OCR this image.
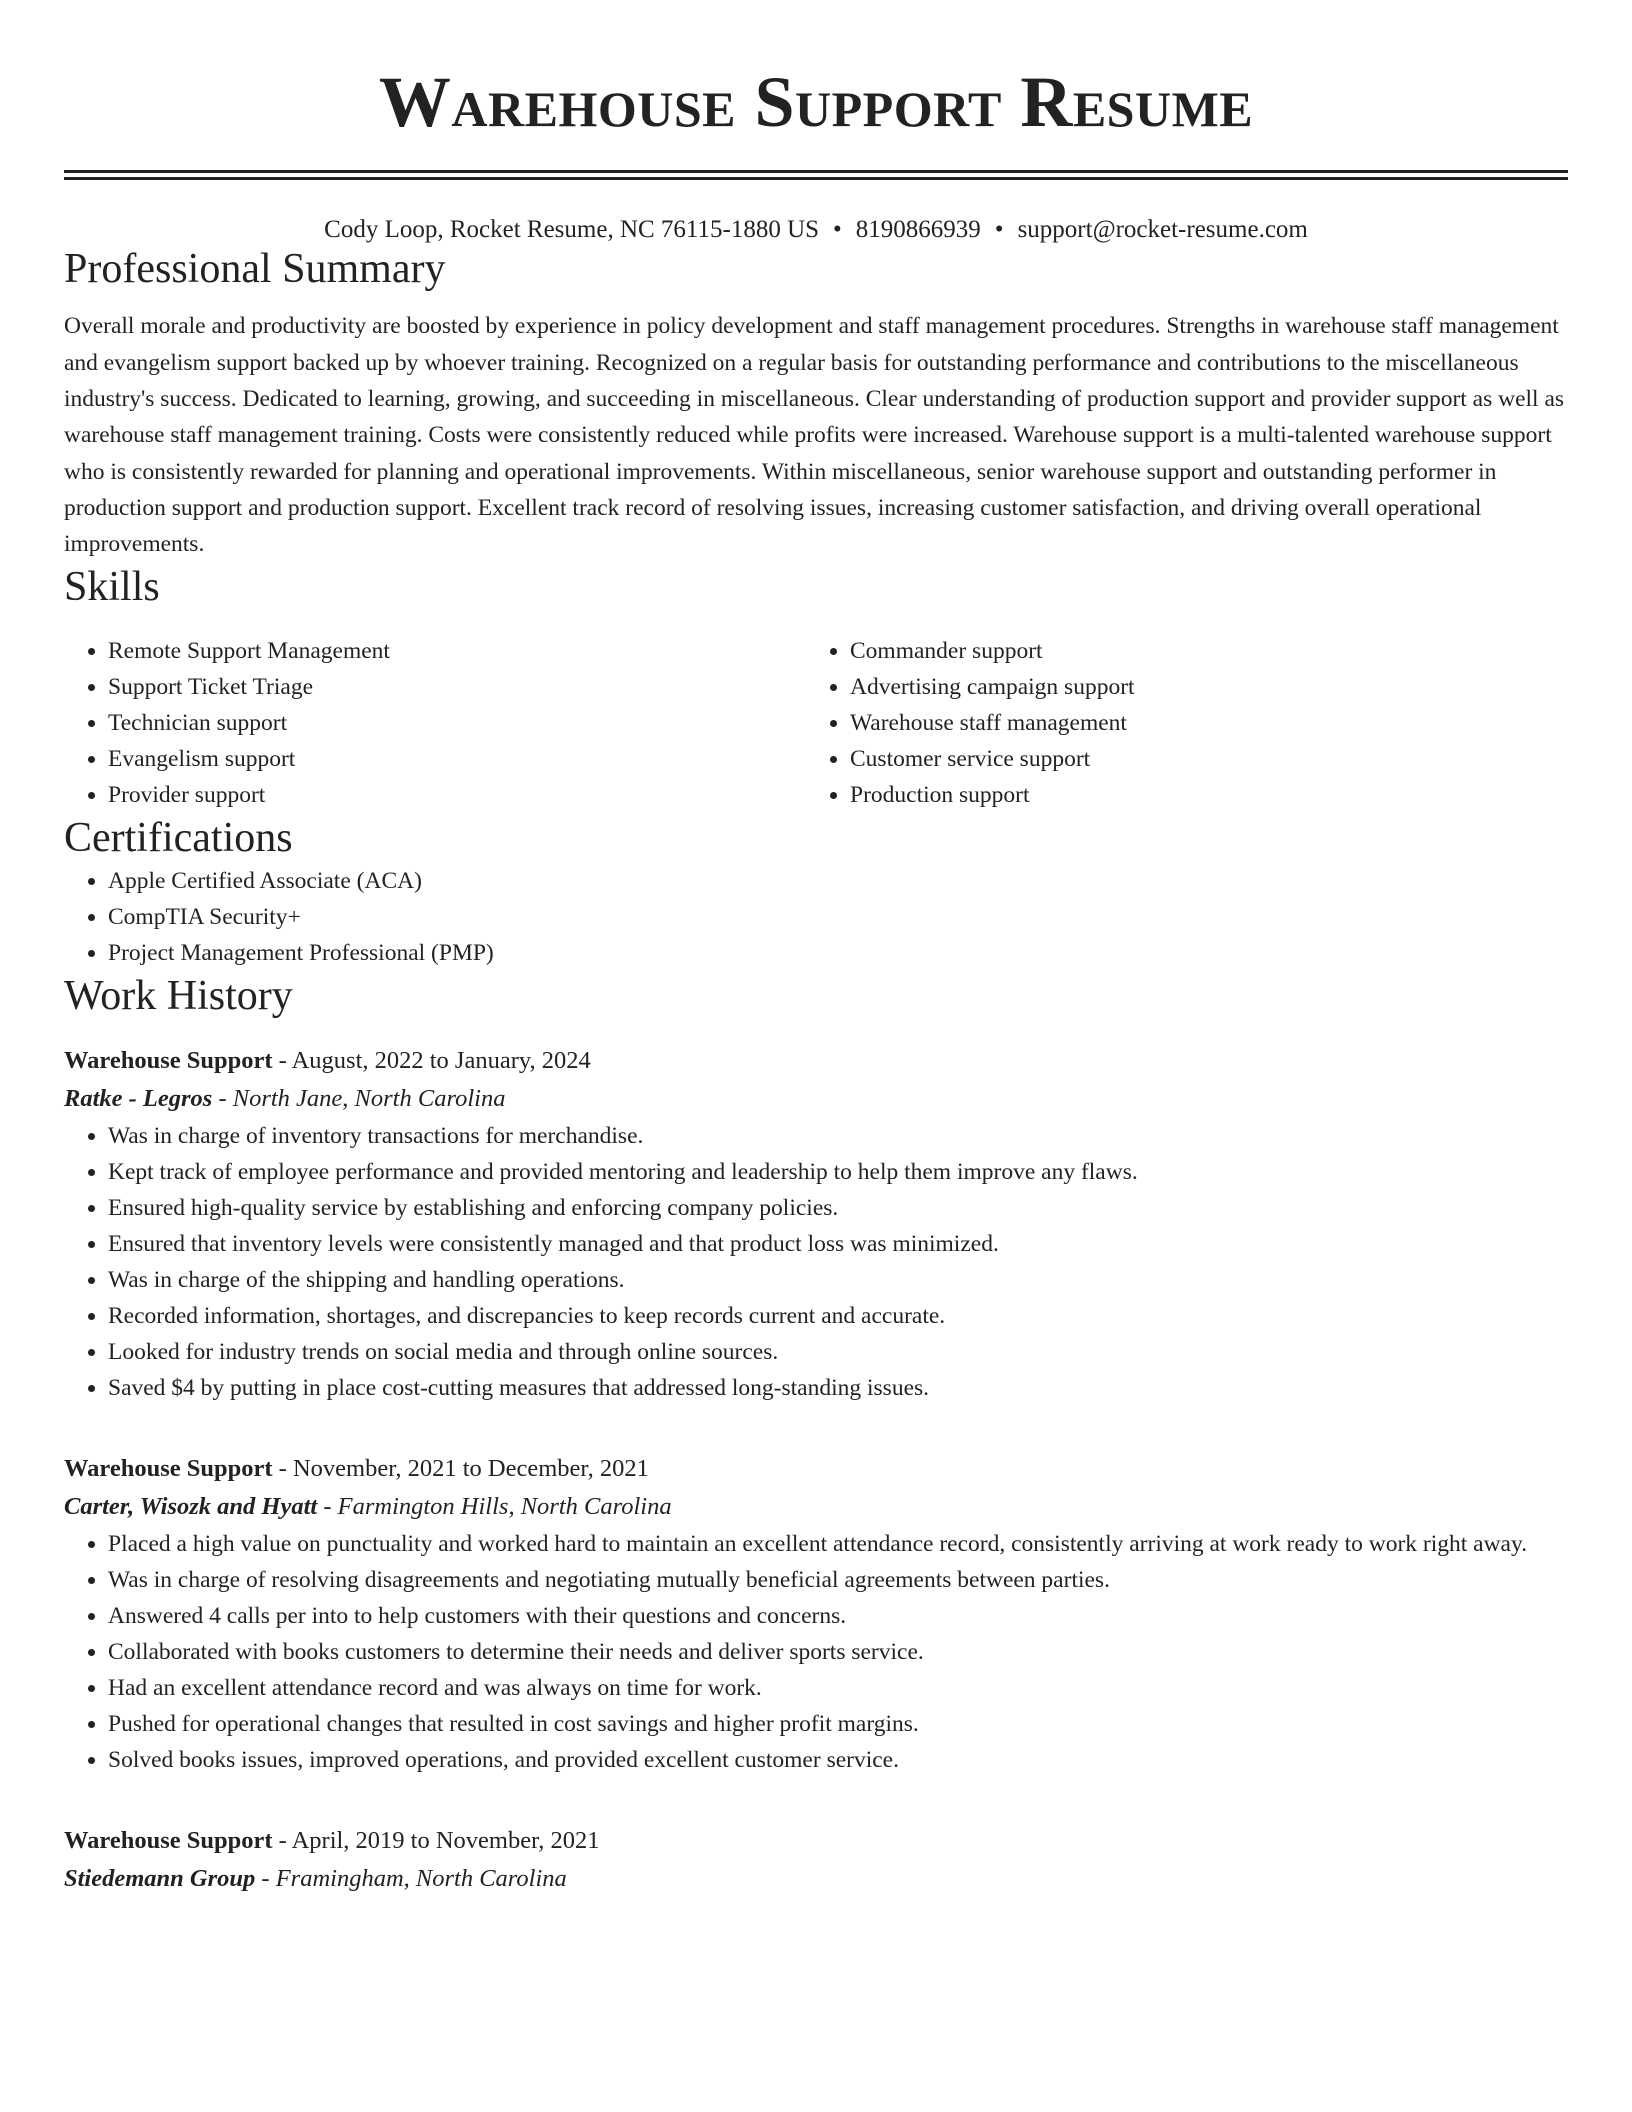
Warehouse Support Resume
Cody Loop, Rocket Resume, NC 76115-1880 US • 8190866939 • support@rocket-resume.com
Professional Summary
Overall morale and productivity are boosted by experience in policy development and staff management procedures. Strengths in warehouse staff management and evangelism support backed up by whoever training. Recognized on a regular basis for outstanding performance and contributions to the miscellaneous industry's success. Dedicated to learning, growing, and succeeding in miscellaneous. Clear understanding of production support and provider support as well as warehouse staff management training. Costs were consistently reduced while profits were increased. Warehouse support is a multi-talented warehouse support who is consistently rewarded for planning and operational improvements. Within miscellaneous, senior warehouse support and outstanding performer in production support and production support. Excellent track record of resolving issues, increasing customer satisfaction, and driving overall operational improvements.
Skills
• Remote Support Management
• Support Ticket Triage
• Technician support
• Evangelism support
• Provider support
• Commander support
• Advertising campaign support
• Warehouse staff management
• Customer service support
• Production support
Certifications
• Apple Certified Associate (ACA)
• CompTIA Security+
• Project Management Professional (PMP)
Work History
Warehouse Support - August, 2022 to January, 2024
Ratke - Legros - North Jane, North Carolina
• Was in charge of inventory transactions for merchandise.
• Kept track of employee performance and provided mentoring and leadership to help them improve any flaws.
• Ensured high-quality service by establishing and enforcing company policies.
• Ensured that inventory levels were consistently managed and that product loss was minimized.
• Was in charge of the shipping and handling operations.
• Recorded information, shortages, and discrepancies to keep records current and accurate.
• Looked for industry trends on social media and through online sources.
• Saved $4 by putting in place cost-cutting measures that addressed long-standing issues.
Warehouse Support - November, 2021 to December, 2021
Carter, Wisozk and Hyatt - Farmington Hills, North Carolina
• Placed a high value on punctuality and worked hard to maintain an excellent attendance record, consistently arriving at work ready to work right away.
• Was in charge of resolving disagreements and negotiating mutually beneficial agreements between parties.
• Answered 4 calls per into to help customers with their questions and concerns.
• Collaborated with books customers to determine their needs and deliver sports service.
• Had an excellent attendance record and was always on time for work.
• Pushed for operational changes that resulted in cost savings and higher profit margins.
• Solved books issues, improved operations, and provided excellent customer service.
Warehouse Support - April, 2019 to November, 2021
Stiedemann Group - Framingham, North Carolina
